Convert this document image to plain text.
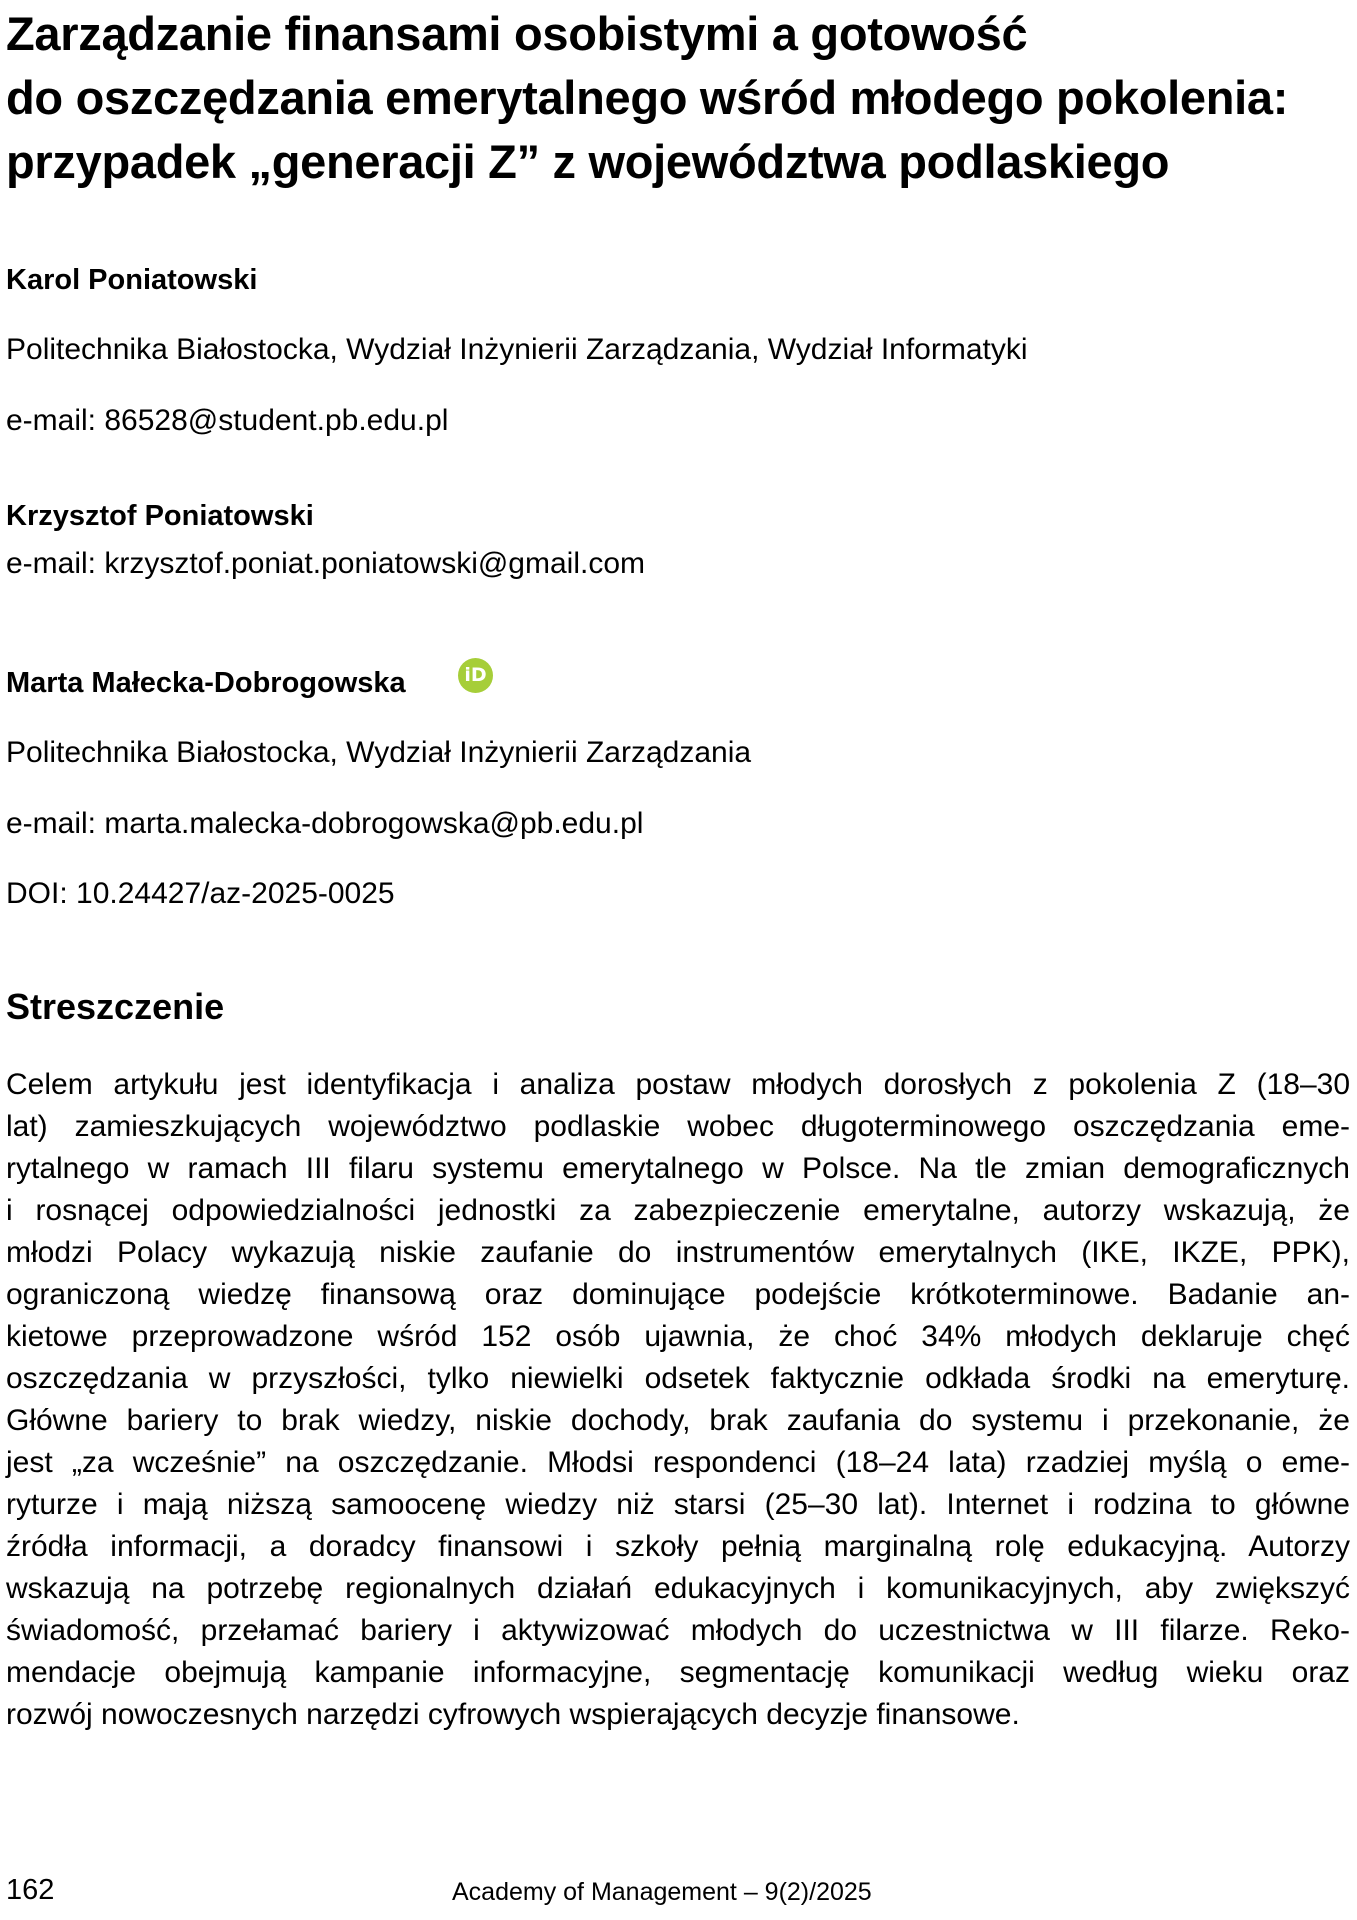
Zarządzanie finansami osobistymi a gotowość
do oszczędzania emerytalnego wśród młodego pokolenia:
przypadek „generacji Z” z województwa podlaskiego
Karol Poniatowski
Politechnika Białostocka, Wydział Inżynierii Zarządzania, Wydział Informatyki
e-mail: 86528@student.pb.edu.pl
Krzysztof Poniatowski
e-mail: krzysztof.poniat.poniatowski@gmail.com
Marta Małecka-Dobrogowska	iD
Politechnika Białostocka, Wydział Inżynierii Zarządzania
e-mail: marta.malecka-dobrogowska@pb.edu.pl
DOI: 10.24427/az-2025-0025
Streszczenie
Celem artykułu jest identyfikacja i analiza postaw młodych dorosłych z pokolenia Z (18–30
lat) zamieszkujących województwo podlaskie wobec długoterminowego oszczędzania eme-
rytalnego w ramach III filaru systemu emerytalnego w Polsce. Na tle zmian demograficznych
i rosnącej odpowiedzialności jednostki za zabezpieczenie emerytalne, autorzy wskazują, że
młodzi Polacy wykazują niskie zaufanie do instrumentów emerytalnych (IKE, IKZE, PPK),
ograniczoną wiedzę finansową oraz dominujące podejście krótkoterminowe. Badanie an-
kietowe przeprowadzone wśród 152 osób ujawnia, że choć 34% młodych deklaruje chęć
oszczędzania w przyszłości, tylko niewielki odsetek faktycznie odkłada środki na emeryturę.
Główne bariery to brak wiedzy, niskie dochody, brak zaufania do systemu i przekonanie, że
jest „za wcześnie” na oszczędzanie. Młodsi respondenci (18–24 lata) rzadziej myślą o eme-
ryturze i mają niższą samoocenę wiedzy niż starsi (25–30 lat). Internet i rodzina to główne
źródła informacji, a doradcy finansowi i szkoły pełnią marginalną rolę edukacyjną. Autorzy
wskazują na potrzebę regionalnych działań edukacyjnych i komunikacyjnych, aby zwiększyć
świadomość, przełamać bariery i aktywizować młodych do uczestnictwa w III filarze. Reko-
mendacje obejmują kampanie informacyjne, segmentację komunikacji według wieku oraz
rozwój nowoczesnych narzędzi cyfrowych wspierających decyzje finansowe.
162	Academy of Management – 9(2)/2025
